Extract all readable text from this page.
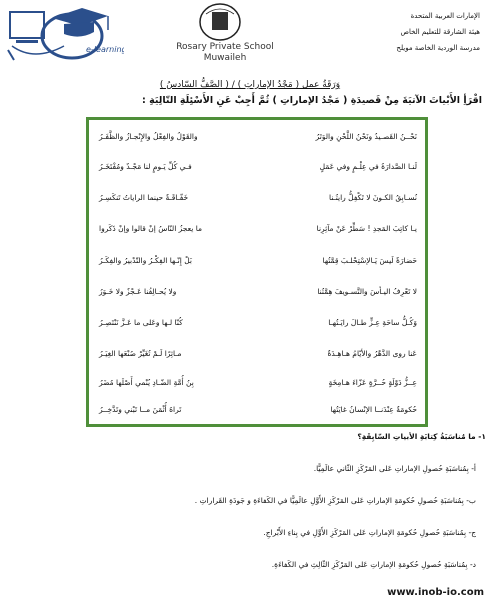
الإمارات العربية المتحدة
هيئة الشارقة للتعليم الخاص
مدرسة الوردية الخاصة مويلح
e-learning	Rosary Private School
Muwaileh
وَرَقَةُ عمل ( مَجْدُ الإماراتِ ) / ( الصَّفُّ السّادسُ )
اقْرَأِ الأَبْياتَ الآتيَةَ مِنْ قَصيدَةِ ( مَجْدُ الإماراتِ ) ثُمَّ أَجِبْ عَنِ الأَسْئِلَةِ التّالِيَةِ :
نَحْــنُ القَصـيدُ ونَحْنُ اللَّحْنِ والوَتَرُ
والقَوْلُ والفِعْلُ والإِنْجـازُ والظَّفَـرُ
لَنـا الصَّدارَةُ في عِلْـمٍ وفي عَمَلٍ
فـي كُلِّ يَـومٍ لنا مَجْـدٌ ومُفْتَخَـرُ
نُسـابِقُ الكـونَ لا تَكْفِلُّ رايتُـنا
خَفّـاقَـةٌ حينما الراياتُ تَنكَسِـرُ
يـا كاتِبَ المَجدِ ! سَطِّرْ عَنْ مآثِرِنا
ما يعجزُ النّاسُ إنْ قالوا وإنْ ذَكَروا
حَضارَةٌ لَيسَ يَـالإسْتِحْلـبَ قِمَّتُها
بَلْ إِنّـها الفِكْـرُ والتّدْبيرُ والفِكَـرُ
لا تَعْرِفُ اليـأسَ والتَّسـويفَ هِمَّتُنا
ولا يُحـالِفُنا عَـجْزٌ ولا خَـوَرُ
وَكُـلُّ ساحَةِ عِـزٍّ طـالَ رايَـتُهـا
كُنّا لـها وعَلى ما عَـزَّ نَنْتَصِـرُ
عَنا روى الدَّهْرُ والأيّامُ هـاهِـدَةٌ
مـاثِرًا لَـمْ تُغَيِّرْ صُنْعَها الغِيَـرُ
عِــزُّ دَوْلَةٍ حُــرَّةٍ عَزّاءَ هـامِخَةٍ
بِنُ أُمَّةِ الضّـادِ يُنْمي أَصْلَها مُضَرُ
حُكومَةٌ عِنْدَنــا الإنْسانُ غايَتُها
تَراهُ أُثْمَنَ مــا تَبْني وتَدَّخِــرُ
١- ما مُناسَبَةُ كِتابَةِ الأبياتِ السّابِقَةِ؟
أ- بِمُناسَبَةِ حُصولِ الإماراتِ عَلى المَرْكَزِ الثّاني عالَمِيًّا.
ب- بِمُناسَبَةِ حُصولِ حُكومَةِ الإماراتِ عَلى المَرْكَزِ الأَوَّلِ عالَمِيًّا في الكَفاءَةِ و جَودَةِ القَراراتِ .
ج- بِمُناسَبَةِ حُصولِ حُكومَةِ الإماراتِ عَلى المَرْكَزِ الأَوَّلِ في بِناءِ الأَبْراجِ.
د- بِمُناسَبَةِ حُصولِ حُكومَةِ الإماراتِ عَلى المَرْكَزِ الثّالِثِ في الكَفاءَةِ.
www.inob-io.com
